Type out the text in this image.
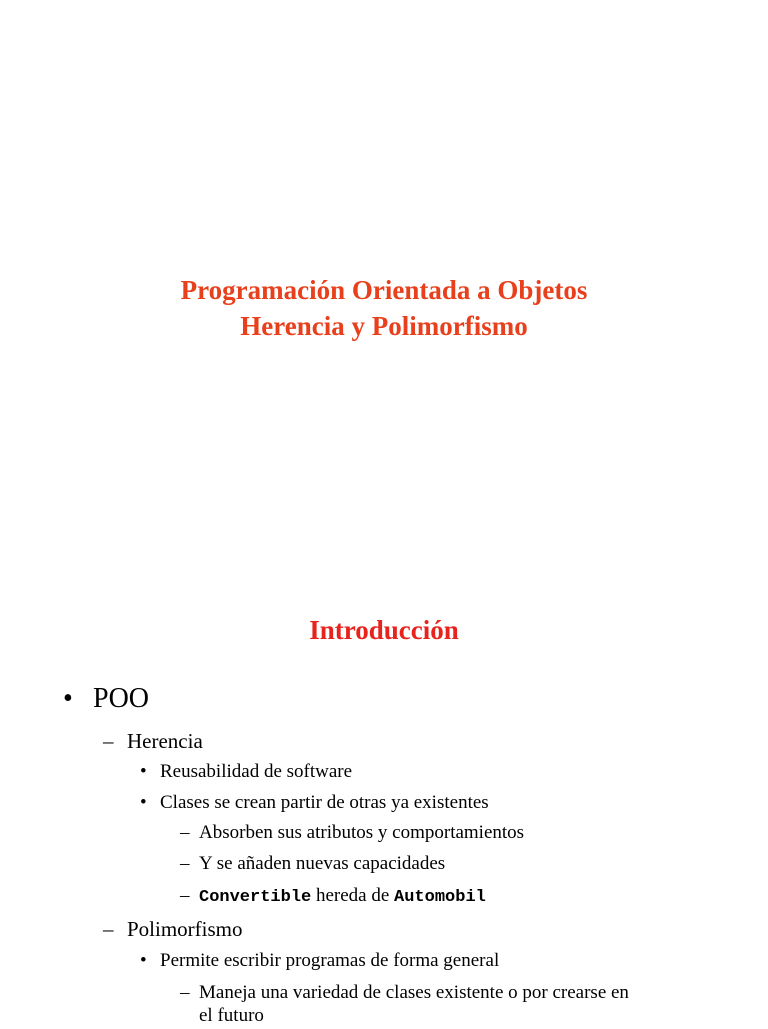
Programación Orientada a Objetos
Herencia y Polimorfismo
Introducción
• POO
– Herencia
• Reusabilidad de software
• Clases se crean partir de otras ya existentes
– Absorben sus atributos y comportamientos
– Y se añaden nuevas capacidades
– Convertible hereda de Automobil
– Polimorfismo
• Permite escribir programas de forma general
– Maneja una variedad de clases existente o por crearse en
el futuro
